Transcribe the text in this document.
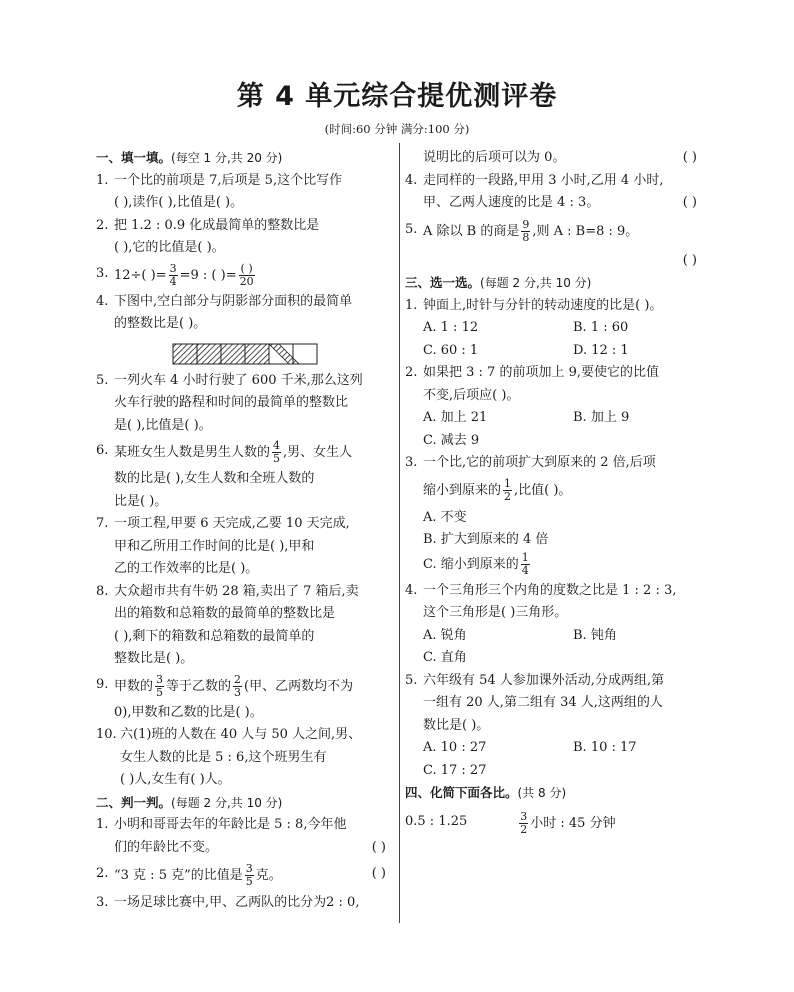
第 4 单元综合提优测评卷
(时间:60 分钟 满分:100 分)
一、填一填。(每空 1 分,共 20 分)
1. 一个比的前项是 7,后项是 5,这个比写作
( ),读作( ),比值是( )。
2. 把 1.2 : 0.9 化成最简单的整数比是
( ),它的比值是( )。
3. 12÷( )= $\frac{3}{4} =9$ : ( )= ( )
20
4. 下图中,空白部分与阴影部分面积的最简单
的整数比是( )。
5. 一列火车 4 小时行驶了 600 千米,那么这列
火车行驶的路程和时间的最简单的整数比
是( ),比值是( )。
6. 某班女生人数是男生人数的 $\frac{4}{5}$ ,男、女生人
数的比是( ),女生人数和全班人数的
比是( )。
7. 一项工程,甲要 6 天完成,乙要 10 天完成,
甲和乙所用工作时间的比是( ),甲和
乙的工作效率的比是( )。
8. 大众超市共有牛奶 28 箱,卖出了 7 箱后,卖
出的箱数和总箱数的最简单的整数比是
( ),剩下的箱数和总箱数的最简单的
整数比是( )。
9. 甲数的 $\frac{3}{5}$ 等于乙数的 $\frac{2}{3}$ (甲、乙两数均不为
0),甲数和乙数的比是( )。
10. 六(1)班的人数在 40 人与 50 人之间,男、
女生人数的比是 5 : 6,这个班男生有
( )人,女生有( )人。
二、判一判。(每题 2 分,共 10 分)
1. 小明和哥哥去年的年龄比是 5 : 8,今年他
们的年龄比不变。	( )
2. “3 克 : 5 克”的比值是 $\frac{3}{5}$ 克。	( )
3. 一场足球比赛中,甲、乙两队的比分为2 : 0,
说明比的后项可以为 0。	( )
4. 走同样的一段路,甲用 3 小时,乙用 4 小时,
甲、乙两人速度的比是 4 : 3。	( )
5. A 除以 B 的商是 $\frac{9}{8}$ ,则 A : B=8 : 9。
( )

三、选一选。(每题 2 分,共 10 分)
1. 钟面上,时针与分针的转动速度的比是( )。
A. 1 : 12	B. 1 : 60
C. 60 : 1	D. 12 : 1
2. 如果把 3 : 7 的前项加上 9,要使它的比值
不变,后项应( )。
A. 加上 21	B. 加上 9
C. 减去 9
3. 一个比,它的前项扩大到原来的 2 倍,后项
缩小到原来的 $\frac{1}{2}$ ,比值( )。
A. 不变
B. 扩大到原来的 4 倍
C. 缩小到原来的 $\frac{1}{4}$
4. 一个三角形三个内角的度数之比是 1 : 2 : 3,
这个三角形是( )三角形。
A. 锐角	B. 钝角
C. 直角
5. 六年级有 54 人参加课外活动,分成两组,第
一组有 20 人,第二组有 34 人,这两组的人
数比是( )。
A. 10 : 27	B. 10 : 17
C. 17 : 27
四、化简下面各比。(共 8 分)
0.5 : 1.25	$\frac{3}{2}$ 小时 : 45 分钟
